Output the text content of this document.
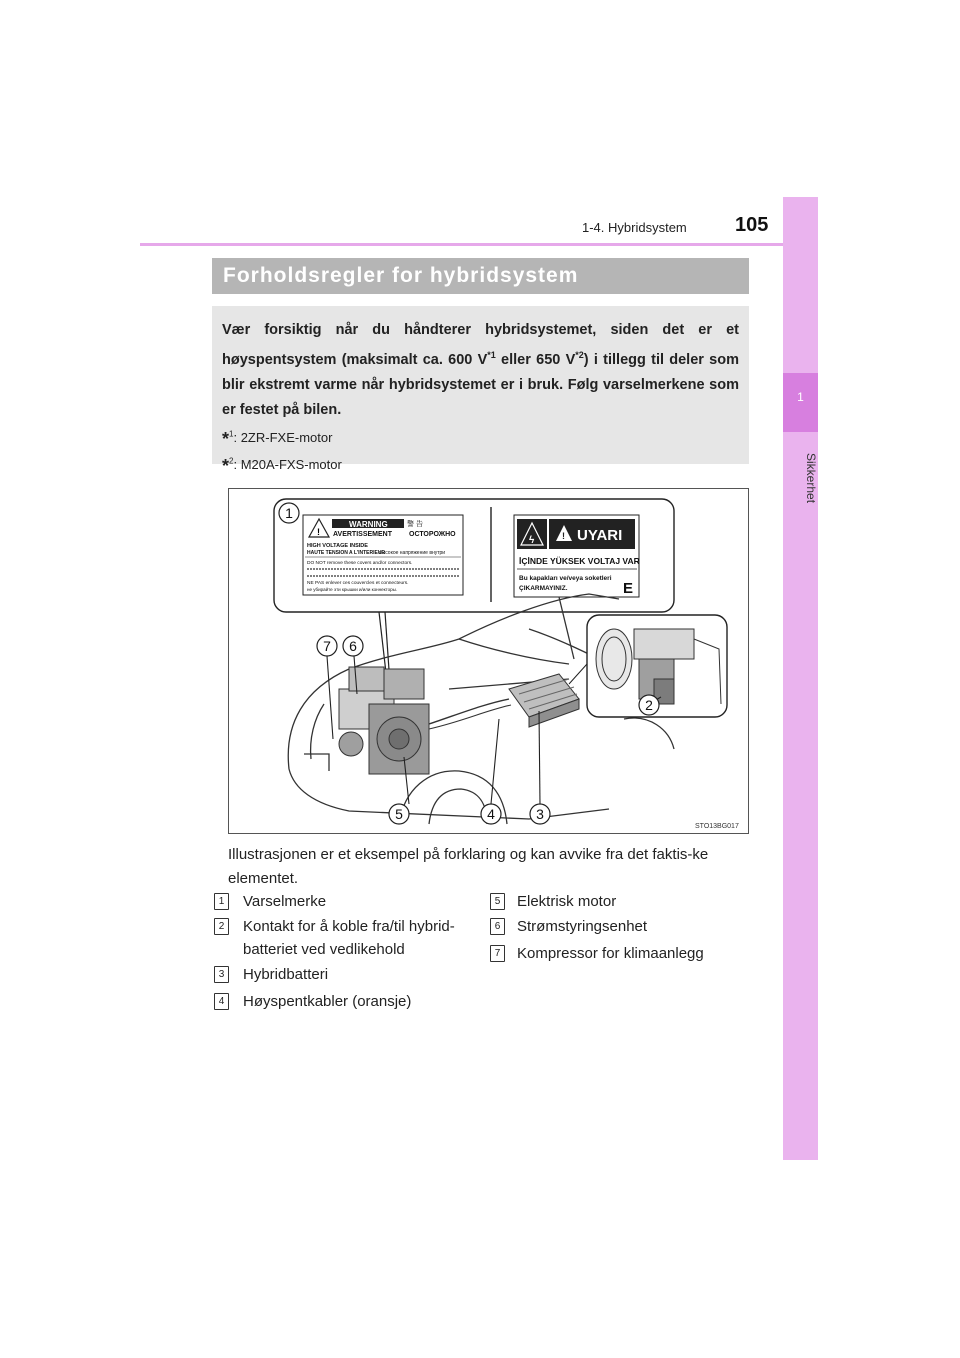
1-4. Hybridsystem 105
1
Sikkerhet
Forholdsregler for hybridsystem
Vær forsiktig når du håndterer hybridsystemet, siden det er et høyspentsystem (maksimalt ca. 600 $V^{*1}$ eller 650 $V^{*2}$) i tillegg til deler som blir ekstremt varme når hybridsystemet er i bruk. Følg varselmerkene som er festet på bilen.
*$^1$: 2ZR-FXE-motor
*$^2$: M20A-FXS-motor
!
WARNING
AVERTISSEMENT ОСТОРОЖНО
警 告
HIGH VOLTAGE INSIDE
HAUTE TENSION A L'INTERIEUR
высокое напряжение внутри
DO NOT remove these covers and/or connectors.
NE PAS enlever ces couvercles et connecteurs.
не убирайте эти крышки и/или коннекторы.
ϟ	! UYARI
İÇİNDE YÜKSEK VOLTAJ VAR
Bu kapakları ve/veya soketleri
ÇIKARMAYINIZ.	E
1
2
3
4
5
6
7
STO13BG017
Illustrasjonen er et eksempel på forklaring og kan avvike fra det faktis-ke elementet.
1	Varselmerke
2	Kontakt for å koble fra/til hybrid-
batteriet ved vedlikehold
3	Hybridbatteri
4	Høyspentkabler (oransje)
5	Elektrisk motor
6	Strømstyringsenhet
7	Kompressor for klimaanlegg
